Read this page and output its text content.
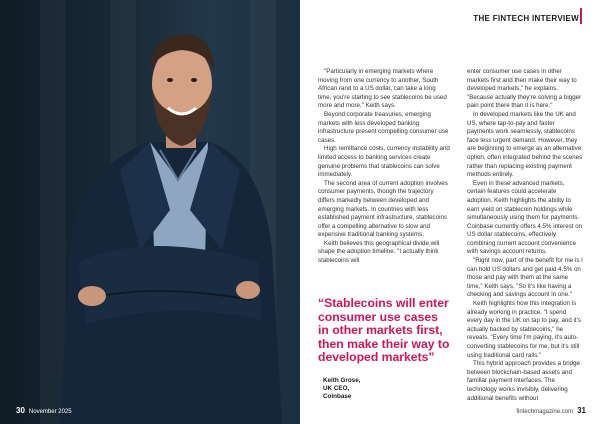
30 November 2025
THE FINTECH INTERVIEW

"Particularly in emerging markets where moving from one currency to another, South African rand to a US dollar, can take a long time, you're starting to see stablecoins be used more and more," Keith says.

Beyond corporate treasuries, emerging markets with less developed banking infrastructure present compelling consumer use cases.

High remittance costs, currency instability and limited access to banking services create genuine problems that stablecoins can solve immediately.

The second area of current adoption involves consumer payments, though the trajectory differs markedly between developed and emerging markets. In countries with less established payment infrastructure, stablecoins offer a compelling alternative to slow and expensive traditional banking systems.

Keith believes this geographical divide will shape the adoption timeline. "I actually think stablecoins will

enter consumer use cases in other markets first and then make their way to developed markets," he explains. "Because actually they're solving a bigger pain point there than it is here."

In developed markets like the UK and US, where tap-to-pay and faster payments work seamlessly, stablecoins face less urgent demand. However, they are beginning to emerge as an alternative option, often integrated behind the scenes rather than replacing existing payment methods entirely.

Even in these advanced markets, certain features could accelerate adoption. Keith highlights the ability to earn yield on stablecoin holdings while simultaneously using them for payments. Coinbase currently offers 4.5% interest on US dollar stablecoins, effectively combining current account convenience with savings account returns.

"Right now, part of the benefit for me is I can hold US dollars and get paid 4.5% on those and pay with them at the same time," Keith says. "So it's like having a checking and savings account in one."

Keith highlights how this integration is already working in practice. "I spend every day in the UK on tap to pay, and it's actually backed by stablecoins," he reveals. "Every time I'm paying, it's auto-converting stablecoins for me, but it's still using traditional card rails."

This hybrid approach provides a bridge between blockchain-based assets and familiar payment interfaces. The technology works invisibly, delivering additional benefits without

“Stablecoins will enter consumer use cases in other markets first, then make their way to developed markets”
Keith Grose,
UK CEO,
Coinbase
fintechmagazine.com 31
